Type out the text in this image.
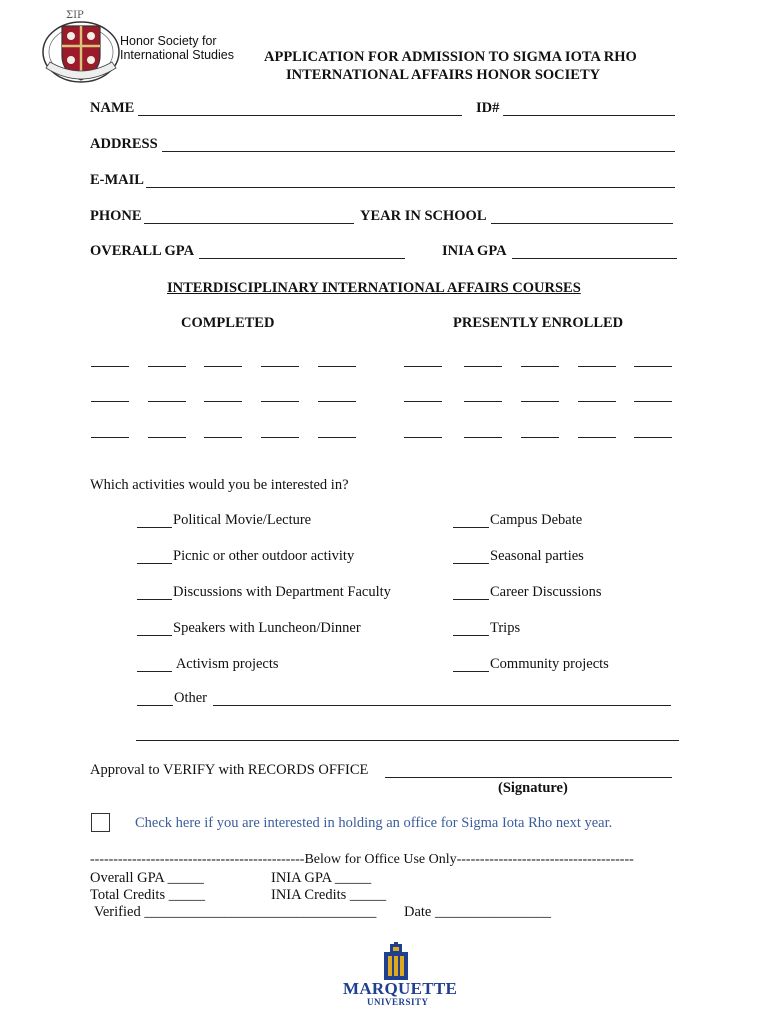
ΣΙΡ
Honor Society for
International Studies APPLICATION FOR ADMISSION TO SIGMA IOTA RHO
INTERNATIONAL AFFAIRS HONOR SOCIETY
NAME	ID#
ADDRESS
E-MAIL
PHONE	YEAR IN SCHOOL
OVERALL GPA	INIA GPA
INTERDISCIPLINARY INTERNATIONAL AFFAIRS COURSES
COMPLETED	PRESENTLY ENROLLED
Which activities would you be interested in?
Political Movie/Lecture
Picnic or other outdoor activity
Discussions with Department Faculty
Speakers with Luncheon/Dinner
Activism projects
Campus Debate
Seasonal parties
Career Discussions
Trips
Community projects
Other
Approval to VERIFY with RECORDS OFFICE
(Signature)
Check here if you are interested in holding an office for Sigma Iota Rho next year.
----------------------------------------------Below for Office Use Only--------------------------------------
Overall GPA _____	INIA GPA _____
Total Credits _____	INIA Credits _____
Verified ________________________________ Date ________________
MARQUETTE
UNIVERSITY
